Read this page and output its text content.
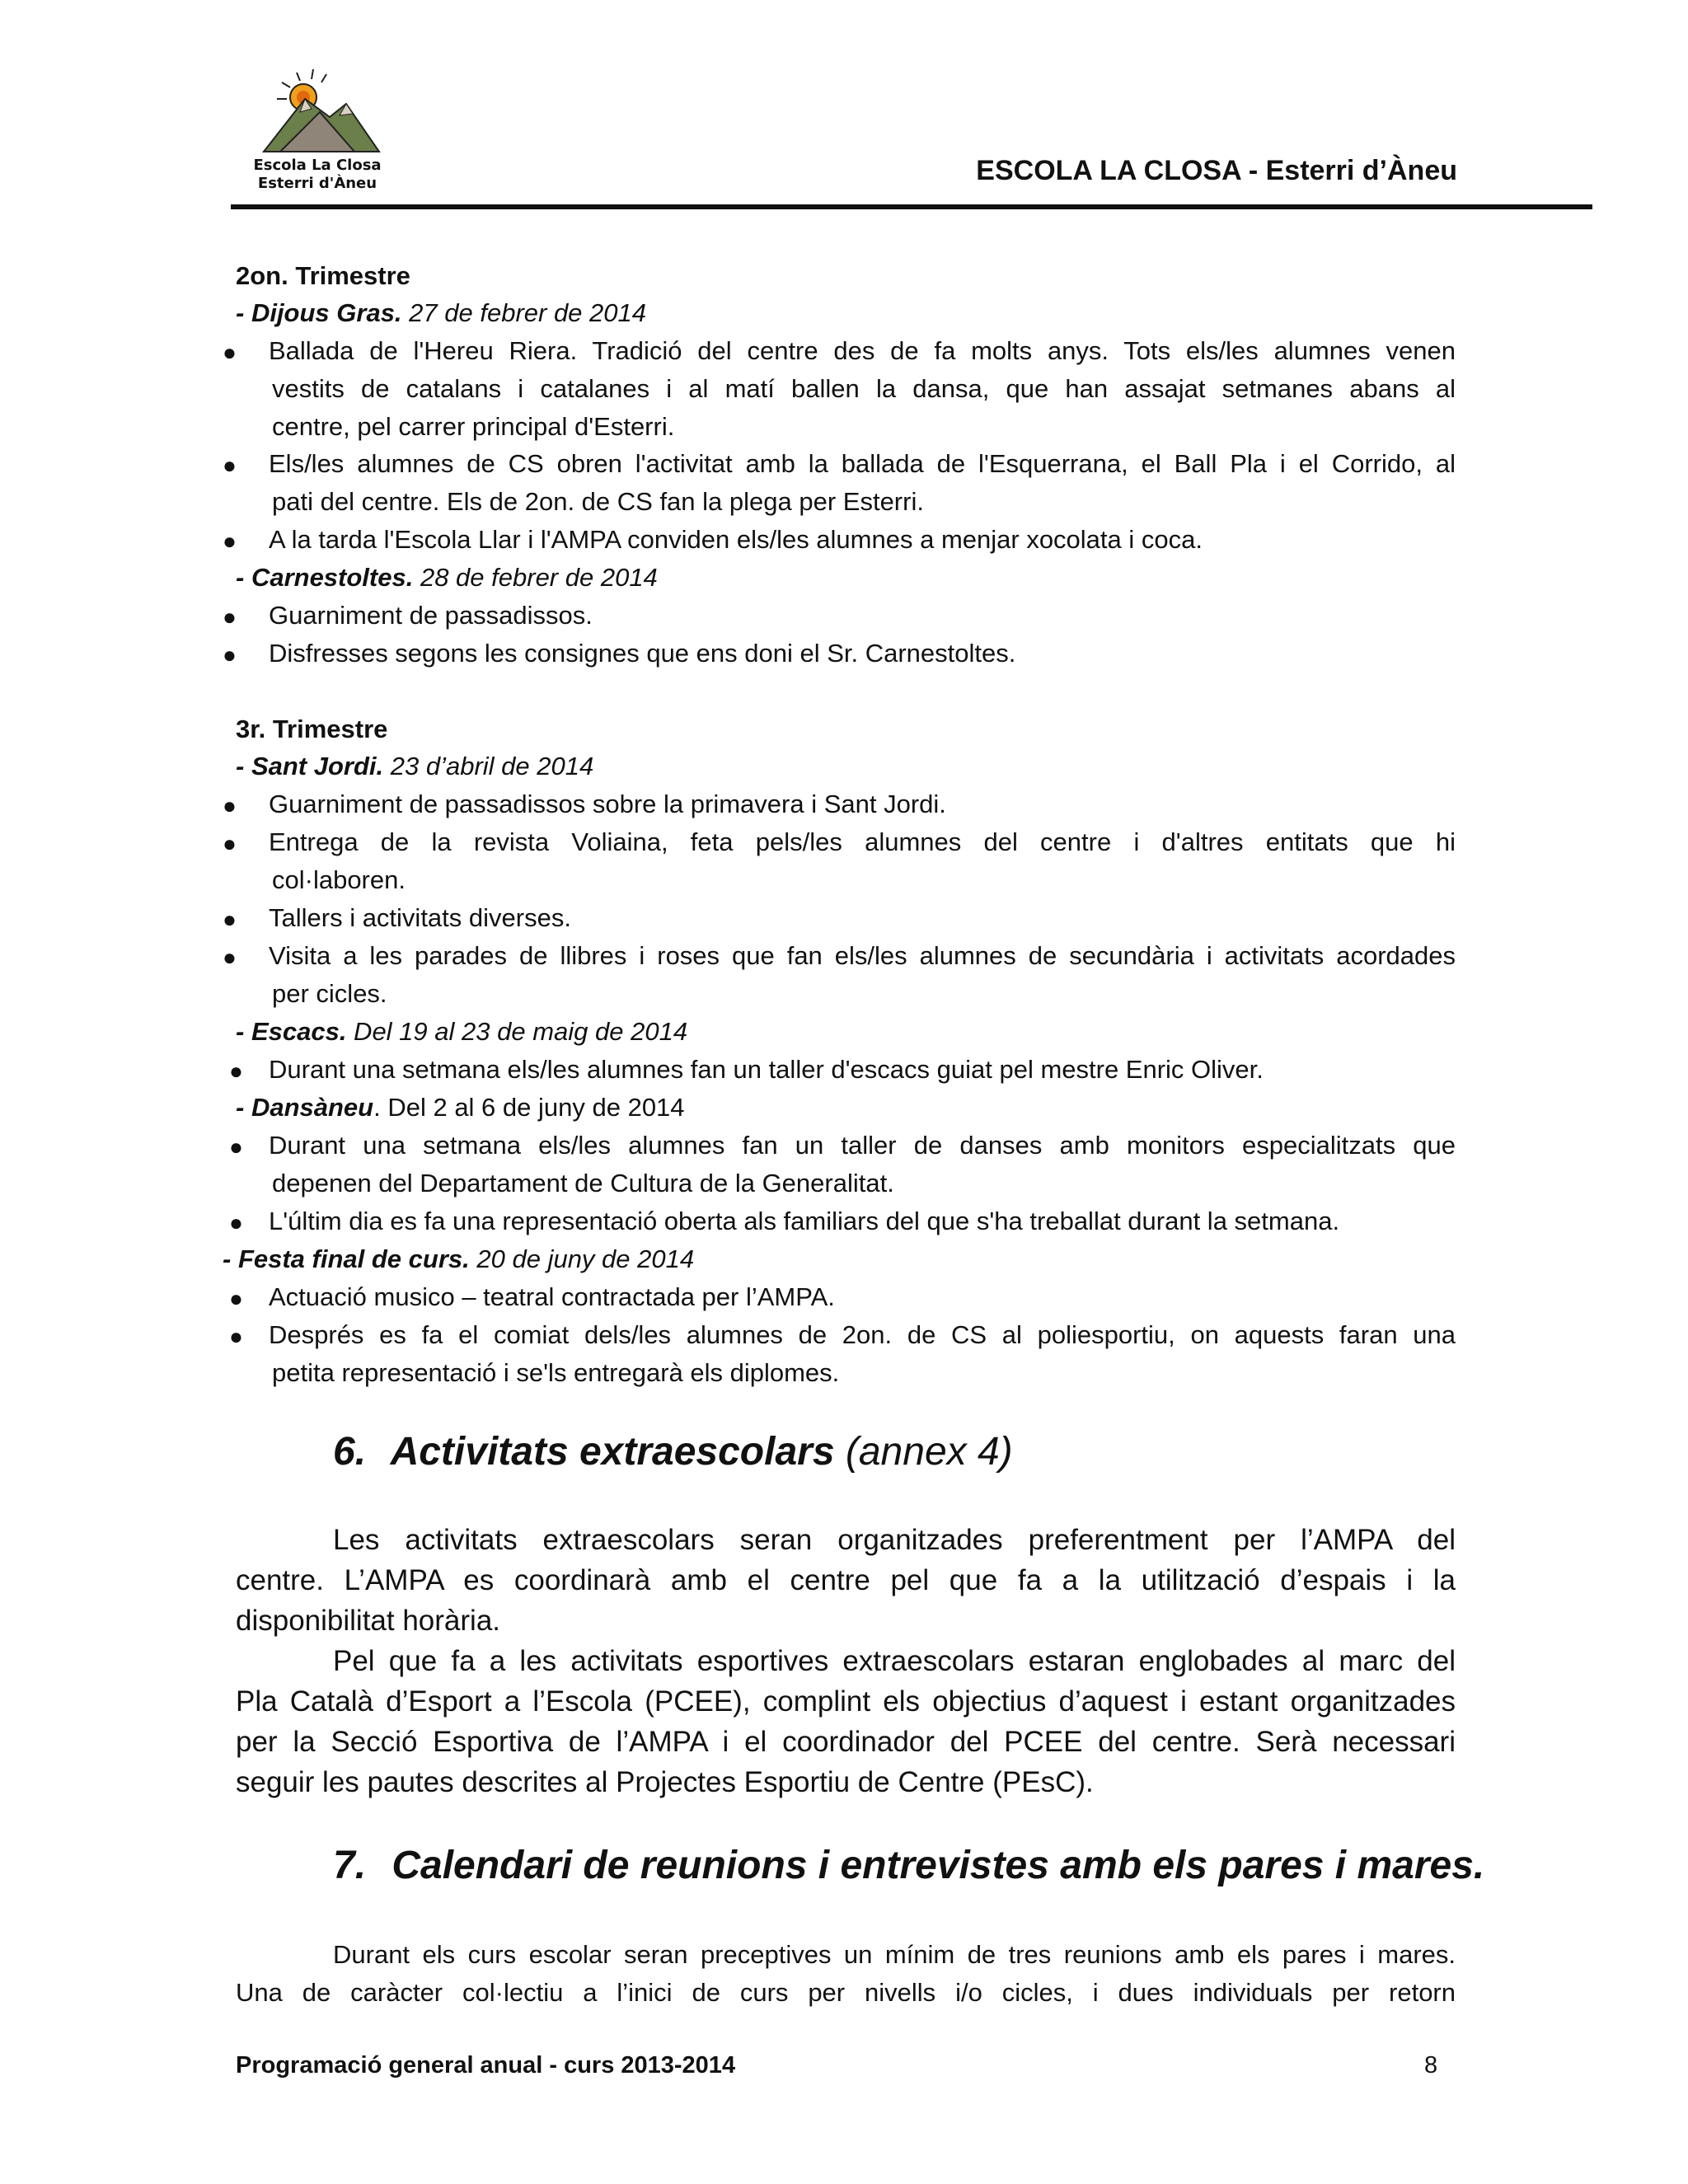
Escola La Closa
Esterri d'Àneu	ESCOLA LA CLOSA - Esterri d’Àneu
2on. Trimestre
- Dijous Gras. 27 de febrer de 2014
● Ballada de l'Hereu Riera. Tradició del centre des de fa molts anys. Tots els/les alumnes venen
vestits de catalans i catalanes i al matí ballen la dansa, que han assajat setmanes abans al
centre, pel carrer principal d'Esterri.
● Els/les alumnes de CS obren l'activitat amb la ballada de l'Esquerrana, el Ball Pla i el Corrido, al
pati del centre. Els de 2on. de CS fan la plega per Esterri.
● A la tarda l'Escola Llar i l'AMPA conviden els/les alumnes a menjar xocolata i coca.
- Carnestoltes. 28 de febrer de 2014
● Guarniment de passadissos.
● Disfresses segons les consignes que ens doni el Sr. Carnestoltes.
3r. Trimestre
- Sant Jordi. 23 d’abril de 2014
● Guarniment de passadissos sobre la primavera i Sant Jordi.
● Entrega de la revista Voliaina, feta pels/les alumnes del centre i d'altres entitats que hi
col·laboren.
● Tallers i activitats diverses.
● Visita a les parades de llibres i roses que fan els/les alumnes de secundària i activitats acordades
per cicles.
- Escacs. Del 19 al 23 de maig de 2014
● Durant una setmana els/les alumnes fan un taller d'escacs guiat pel mestre Enric Oliver.
- Dansàneu. Del 2 al 6 de juny de 2014
● Durant una setmana els/les alumnes fan un taller de danses amb monitors especialitzats que
depenen del Departament de Cultura de la Generalitat.
● L'últim dia es fa una representació oberta als familiars del que s'ha treballat durant la setmana.
- Festa final de curs. 20 de juny de 2014
● Actuació musico – teatral contractada per l’AMPA.
● Després es fa el comiat dels/les alumnes de 2on. de CS al poliesportiu, on aquests faran una
petita representació i se'ls entregarà els diplomes.
6. Activitats extraescolars (annex 4)
Les activitats extraescolars seran organitzades preferentment per l’AMPA del
centre. L’AMPA es coordinarà amb el centre pel que fa a la utilització d’espais i la
disponibilitat horària.
Pel que fa a les activitats esportives extraescolars estaran englobades al marc del
Pla Català d’Esport a l’Escola (PCEE), complint els objectius d’aquest i estant organitzades
per la Secció Esportiva de l’AMPA i el coordinador del PCEE del centre. Serà necessari
seguir les pautes descrites al Projectes Esportiu de Centre (PEsC).
7. Calendari de reunions i entrevistes amb els pares i mares.
Durant els curs escolar seran preceptives un mínim de tres reunions amb els pares i mares.
Una de caràcter col·lectiu a l’inici de curs per nivells i/o cicles, i dues individuals per retorn
Programació general anual - curs 2013-2014	8
